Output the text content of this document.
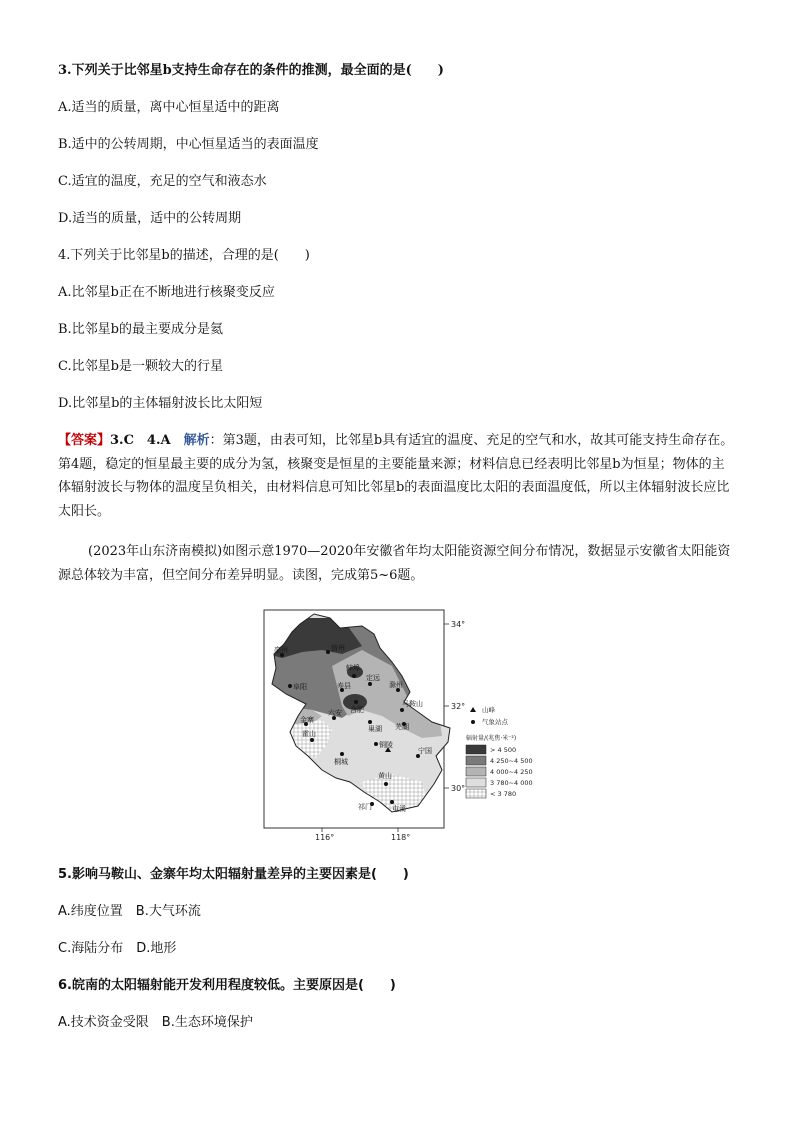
3.下列关于比邻星b支持生命存在的条件的推测，最全面的是(　　)
A.适当的质量，离中心恒星适中的距离
B.适中的公转周期，中心恒星适当的表面温度
C.适宜的温度，充足的空气和液态水
D.适当的质量，适中的公转周期
4.下列关于比邻星b的描述，合理的是(　　)
A.比邻星b正在不断地进行核聚变反应
B.比邻星b的最主要成分是氦
C.比邻星b是一颗较大的行星
D.比邻星b的主体辐射波长比太阳短
【答案】3.C　4.A　解析：第3题，由表可知，比邻星b具有适宜的温度、充足的空气和水，故其可能支持生命存在。第4题，稳定的恒星最主要的成分为氢，核聚变是恒星的主要能量来源；材料信息已经表明比邻星b为恒星；物体的主体辐射波长与物体的温度呈负相关，由材料信息可知比邻星b的表面温度比太阳的表面温度低，所以主体辐射波长应比太阳长。
(2023年山东济南模拟)如图示意1970—2020年安徽省年均太阳能资源空间分布情况，数据显示安徽省太阳能资源总体较为丰富，但空间分布差异明显。读图，完成第5~6题。
34°
32°
30°
116°	118°
宿州
蚌埠
阜阳
亳州
定远
滁州
寿县
合肥
马鞍山
金寨
六安
巢湖 芜湖
霍山
铜陵
桐城
宁国
黄山
祁门	屯溪
山峰
气象站点
辐射量/(兆焦·米⁻²)
> 4 500
4 250~4 500
4 000~4 250
3 780~4 000
< 3 780
5.影响马鞍山、金寨年均太阳辐射量差异的主要因素是(　　)
A.纬度位置　B.大气环流
C.海陆分布　D.地形
6.皖南的太阳辐射能开发利用程度较低。主要原因是(　　)
A.技术资金受限　B.生态环境保护
